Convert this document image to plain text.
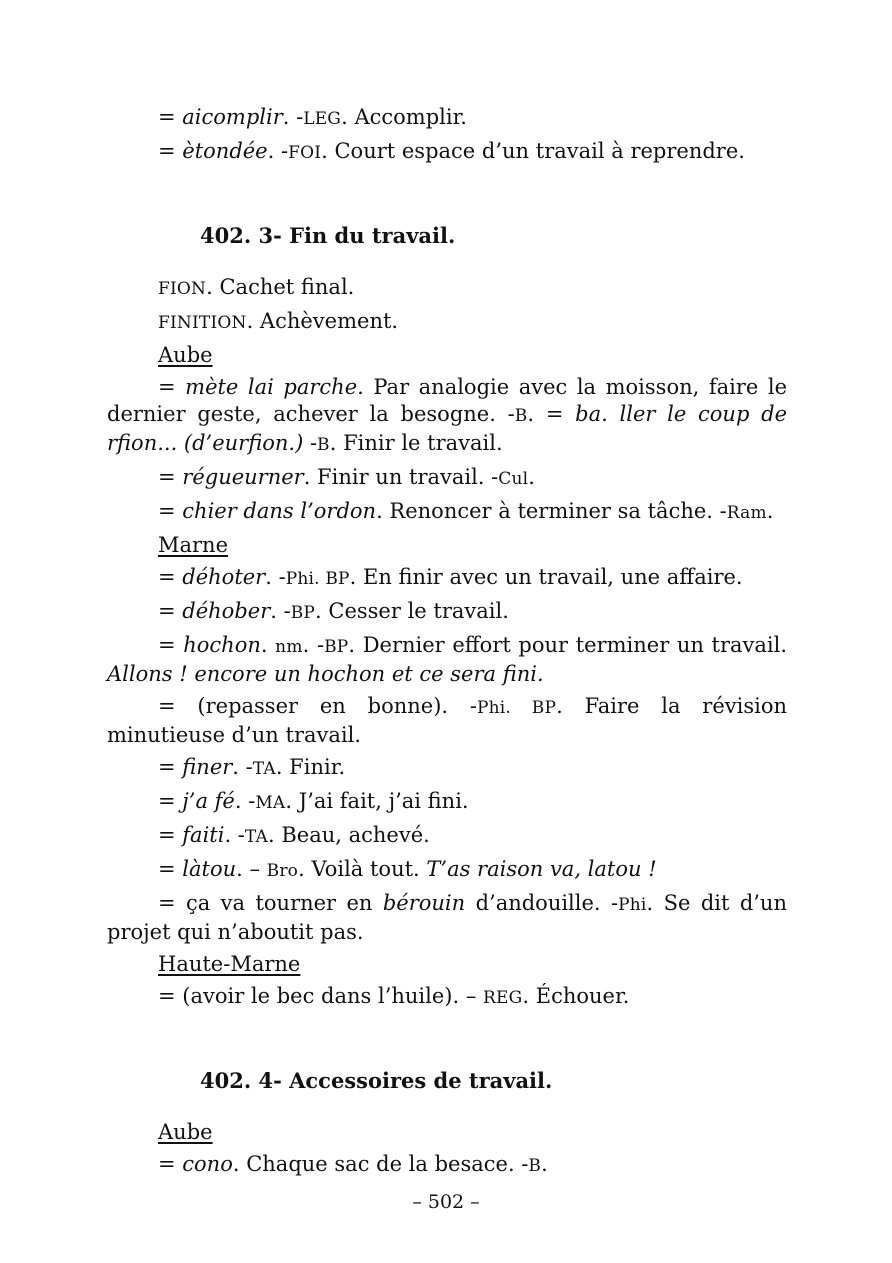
= aicomplir. -LEG. Accomplir.

= ètondée. -FOI. Court espace d’un travail à reprendre.

402. 3- Fin du travail.

FION. Cachet final.

FINITION. Achèvement.

Aube

= mète lai parche. Par analogie avec la moisson, faire le dernier geste, achever la besogne. -B. = ba. ller le coup de rfion... (d’eurfion.) -B. Finir le travail.

= régueurner. Finir un travail. -Cul.

= chier dans l’ordon. Renoncer à terminer sa tâche. -Ram.

Marne

= déhoter. -Phi. BP. En finir avec un travail, une affaire.

= déhober. -BP. Cesser le travail.

= hochon. nm. -BP. Dernier effort pour terminer un travail. Allons ! encore un hochon et ce sera fini.

= (repasser en bonne). -Phi. BP. Faire la révision minutieuse d’un travail.

= finer. -TA. Finir.

= j’a fé. -MA. J’ai fait, j’ai fini.

= faiti. -TA. Beau, achevé.

= làtou. – Bro. Voilà tout. T’as raison va, latou !

= ça va tourner en bérouin d’andouille. -Phi. Se dit d’un projet qui n’aboutit pas.

Haute-Marne

= (avoir le bec dans l’huile). – REG. Échouer.

402. 4- Accessoires de travail.

Aube

= cono. Chaque sac de la besace. -B.

– 502 –
